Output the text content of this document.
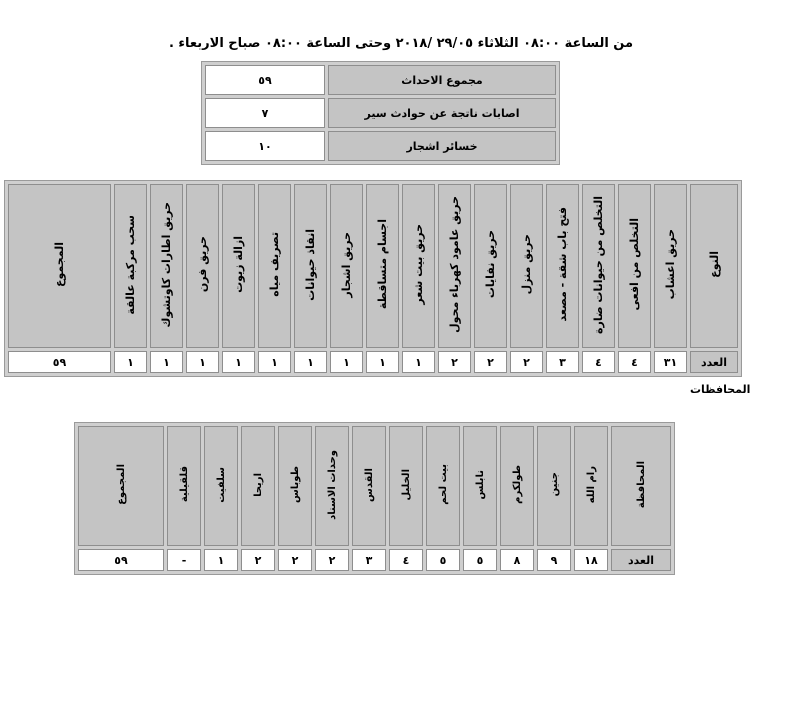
من الساعة ٠٨:٠٠ الثلاثاء ٢٩/٠٥ /٢٠١٨ وحتى الساعة ٠٨:٠٠ صباح الاربعاء .
مجموع الاحداث	٥٩
اصابات ناتجة عن حوادث سير	٧
خسائر اشجار	١٠
النوع	حريق اعشاب	التخلص من افعى	التخلص من حيوانات ضارة	فتح باب شقة - مصعد	حريق منزل	حريق نفايات	حريق عامود كهرباء محول	حريق بيت شعر	اجسام متساقطة	حريق اشجار	انقاذ حيوانات	تصريف مياه	ازالة زيوت	حريق فرن	حريق اطارات كاوتشوك	سحب مركبة عالقة	المجموع
العدد	٣١	٤	٤	٣	٢	٢	٢	١	١	١	١	١	١	١	١	١	٥٩
المحافظات
المحافظة	رام الله	جنين	طولكرم	نابلس	بيت لحم	الخليل	القدس	وحدات الاسناد	طوباس	اريحا	سلفيت	قلقيلية	المجموع
العدد	١٨	٩	٨	٥	٥	٤	٣	٢	٢	٢	١	-	٥٩
